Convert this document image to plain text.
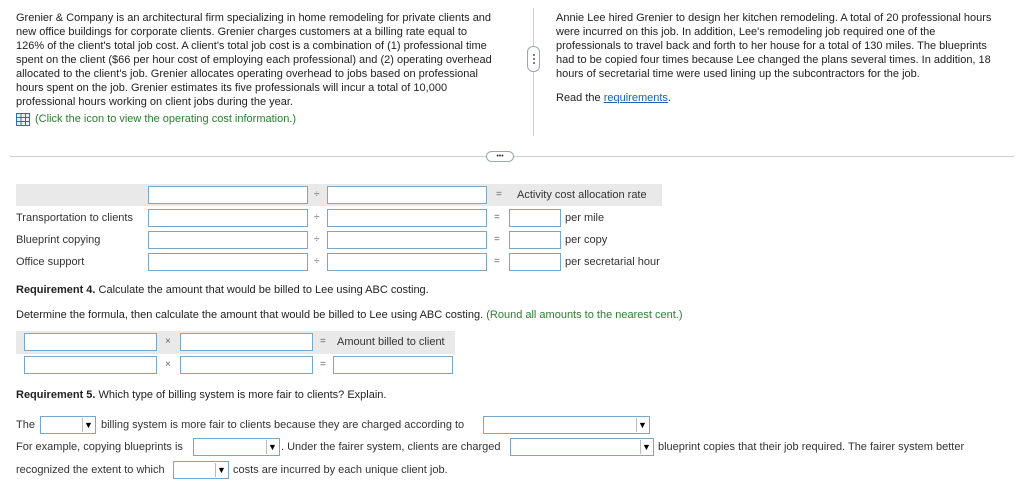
Grenier & Company is an architectural firm specializing in home remodeling for private clients and
new office buildings for corporate clients. Grenier charges customers at a billing rate equal to
126% of the client's total job cost. A client's total job cost is a combination of (1) professional time
spent on the client ($66 per hour cost of employing each professional) and (2) operating overhead
allocated to the client's job. Grenier allocates operating overhead to jobs based on professional
hours spent on the job. Grenier estimates its five professionals will incur a total of 10,000
professional hours working on client jobs during the year.
(Click the icon to view the operating cost information.)
Annie Lee hired Grenier to design her kitchen remodeling. A total of 20 professional hours
were incurred on this job. In addition, Lee's remodeling job required one of the
professionals to travel back and forth to her house for a total of 130 miles. The blueprints
had to be copied four times because Lee changed the plans several times. In addition, 18
hours of secretarial time were used lining up the subcontractors for the job.
Read the requirements.
•••
÷	= Activity cost allocation rate
Transportation to clients	÷	=	per mile
Blueprint copying	÷	=	per copy
Office support	÷	=	per secretarial hour
Requirement 4. Calculate the amount that would be billed to Lee using ABC costing.
Determine the formula, then calculate the amount that would be billed to Lee using ABC costing. (Round all amounts to the nearest cent.)
×	= Amount billed to client
×	=
Requirement 5. Which type of billing system is more fair to clients? Explain.
The	▼ billing system is more fair to clients because they are charged according to	▼
For example, copying blueprints is	▼ . Under the fairer system, clients are charged	▼ blueprint copies that their job required. The fairer system better
recognized the extent to which	▼ costs are incurred by each unique client job.
